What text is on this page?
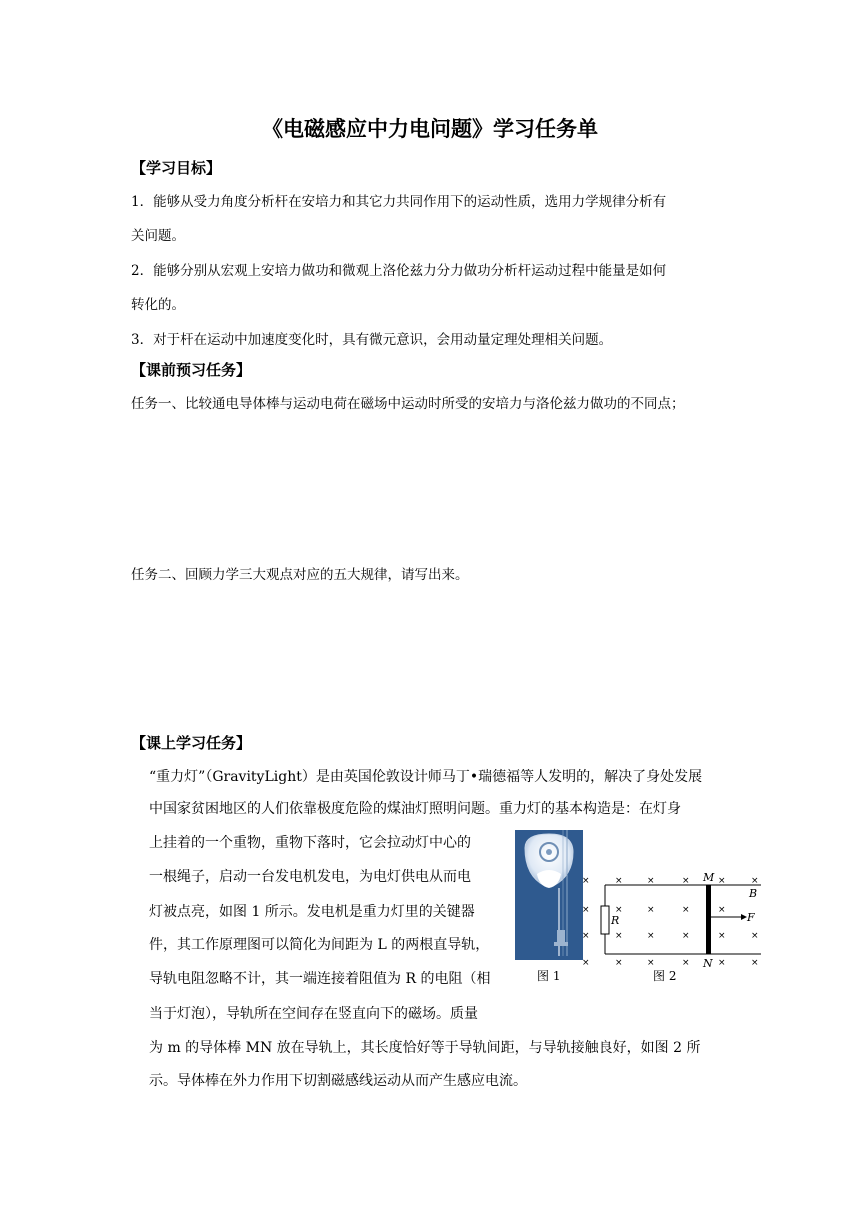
《电磁感应中力电问题》学习任务单
【学习目标】
1．能够从受力角度分析杆在安培力和其它力共同作用下的运动性质，选用力学规律分析有
关问题。
2．能够分别从宏观上安培力做功和微观上洛伦兹力分力做功分析杆运动过程中能量是如何
转化的。
3．对于杆在运动中加速度变化时，具有微元意识，会用动量定理处理相关问题。
【课前预习任务】
任务一、比较通电导体棒与运动电荷在磁场中运动时所受的安培力与洛伦兹力做功的不同点；
任务二、回顾力学三大观点对应的五大规律，请写出来。
【课上学习任务】
“重力灯”（GravityLight）是由英国伦敦设计师马丁•瑞德福等人发明的，解决了身处发展
中国家贫困地区的人们依靠极度危险的煤油灯照明问题。重力灯的基本构造是：在灯身
上挂着的一个重物，重物下落时，它会拉动灯中心的
一根绳子，启动一台发电机发电，为电灯供电从而电
灯被点亮，如图 1 所示。发电机是重力灯里的关键器
件，其工作原理图可以简化为间距为 L 的两根直导轨，
导轨电阻忽略不计，其一端连接着阻值为 R 的电阻（相
当于灯泡），导轨所在空间存在竖直向下的磁场。质量
为 m 的导体棒 MN 放在导轨上，其长度恰好等于导轨间距，与导轨接触良好，如图 2 所
示。导体棒在外力作用下切割磁感线运动从而产生感应电流。
图 1
×	×	×	×	×	×
×	×	×	×	×
×	×	×	×	×	×
×	×	×	×	×	×
M
N
B
F
R
图 2
